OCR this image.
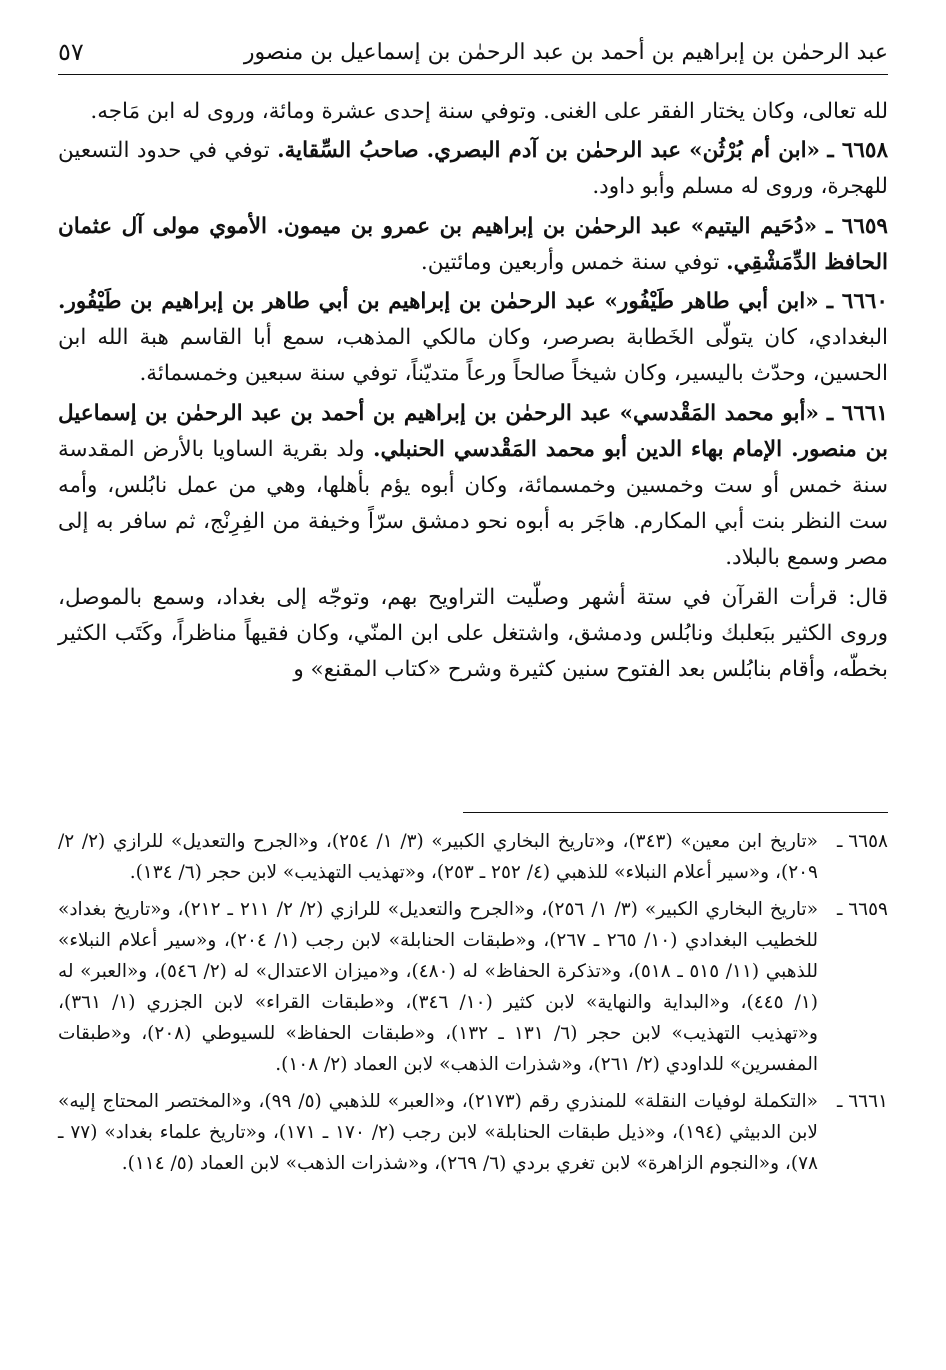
عبد الرحمٰن بن إبراهيم بن أحمد بن عبد الرحمٰن بن إسماعيل بن منصور
٥٧

لله تعالى، وكان يختار الفقر على الغنى. وتوفي سنة إحدى عشرة ومائة، وروى له ابن مَاجه.

٦٦٥٨ ـ «ابن أم بُرْثُن» عبد الرحمٰن بن آدم البصري. صاحبُ السِّقاية. توفي في حدود التسعين للهجرة، وروى له مسلم وأبو داود.

٦٦٥٩ ـ «دُحَيم اليتيم» عبد الرحمٰن بن إبراهيم بن عمرو بن ميمون. الأموي مولى آل عثمان الحافظ الدِّمَشْقِي. توفي سنة خمس وأربعين ومائتين.

٦٦٦٠ ـ «ابن أبي طاهر طَيْفُور» عبد الرحمٰن بن إبراهيم بن أبي طاهر بن إبراهيم بن طَيْفُور. البغدادي، كان يتولّى الخَطابة بصرصر، وكان مالكي المذهب، سمع أبا القاسم هبة الله ابن الحسين، وحدّث باليسير، وكان شيخاً صالحاً ورعاً متديّناً، توفي سنة سبعين وخمسمائة.

٦٦٦١ ـ «أبو محمد المَقْدسي» عبد الرحمٰن بن إبراهيم بن أحمد بن عبد الرحمٰن بن إسماعيل بن منصور. الإمام بهاء الدين أبو محمد المَقْدسي الحنبلي. ولد بقرية الساويا بالأرض المقدسة سنة خمس أو ست وخمسين وخمسمائة، وكان أبوه يؤم بأهلها، وهي من عمل نابُلس، وأمه ست النظر بنت أبي المكارم. هاجَر به أبوه نحو دمشق سرّاً وخيفة من الفِرِنْج، ثم سافر به إلى مصر وسمع بالبلاد.

قال: قرأت القرآن في ستة أشهر وصلّيت التراويح بهم، وتوجّه إلى بغداد، وسمع بالموصل، وروى الكثير ببَعلبك ونابُلس ودمشق، واشتغل على ابن المنّي، وكان فقيهاً مناظراً، وكَتَب الكثير بخطّه، وأقام بنابُلس بعد الفتوح سنين كثيرة وشرح «كتاب المقنع» و

٦٦٥٨ ـ
«تاريخ ابن معين» (٣٤٣)، و«تاريخ البخاري الكبير» (٣/ ١/ ٢٥٤)، و«الجرح والتعديل» للرازي (٢/ ٢/ ٢٠٩)، و«سير أعلام النبلاء» للذهبي (٤/ ٢٥٢ ـ ٢٥٣)، و«تهذيب التهذيب» لابن حجر (٦/ ١٣٤).
٦٦٥٩ ـ
«تاريخ البخاري الكبير» (٣/ ١/ ٢٥٦)، و«الجرح والتعديل» للرازي (٢/ ٢/ ٢١١ ـ ٢١٢)، و«تاريخ بغداد» للخطيب البغدادي (١٠/ ٢٦٥ ـ ٢٦٧)، و«طبقات الحنابلة» لابن رجب (١/ ٢٠٤)، و«سير أعلام النبلاء» للذهبي (١١/ ٥١٥ ـ ٥١٨)، و«تذكرة الحفاظ» له (٤٨٠)، و«ميزان الاعتدال» له (٢/ ٥٤٦)، و«العبر» له (١/ ٤٤٥)، و«البداية والنهاية» لابن كثير (١٠/ ٣٤٦)، و«طبقات القراء» لابن الجزري (١/ ٣٦١)، و«تهذيب التهذيب» لابن حجر (٦/ ١٣١ ـ ١٣٢)، و«طبقات الحفاظ» للسيوطي (٢٠٨)، و«طبقات المفسرين» للداودي (٢/ ٢٦١)، و«شذرات الذهب» لابن العماد (٢/ ١٠٨).
٦٦٦١ ـ
«التكملة لوفيات النقلة» للمنذري رقم (٢١٧٣)، و«العبر» للذهبي (٥/ ٩٩)، و«المختصر المحتاج إليه» لابن الدبيثي (١٩٤)، و«ذيل طبقات الحنابلة» لابن رجب (٢/ ١٧٠ ـ ١٧١)، و«تاريخ علماء بغداد» (٧٧ ـ ٧٨)، و«النجوم الزاهرة» لابن تغري بردي (٦/ ٢٦٩)، و«شذرات الذهب» لابن العماد (٥/ ١١٤).
